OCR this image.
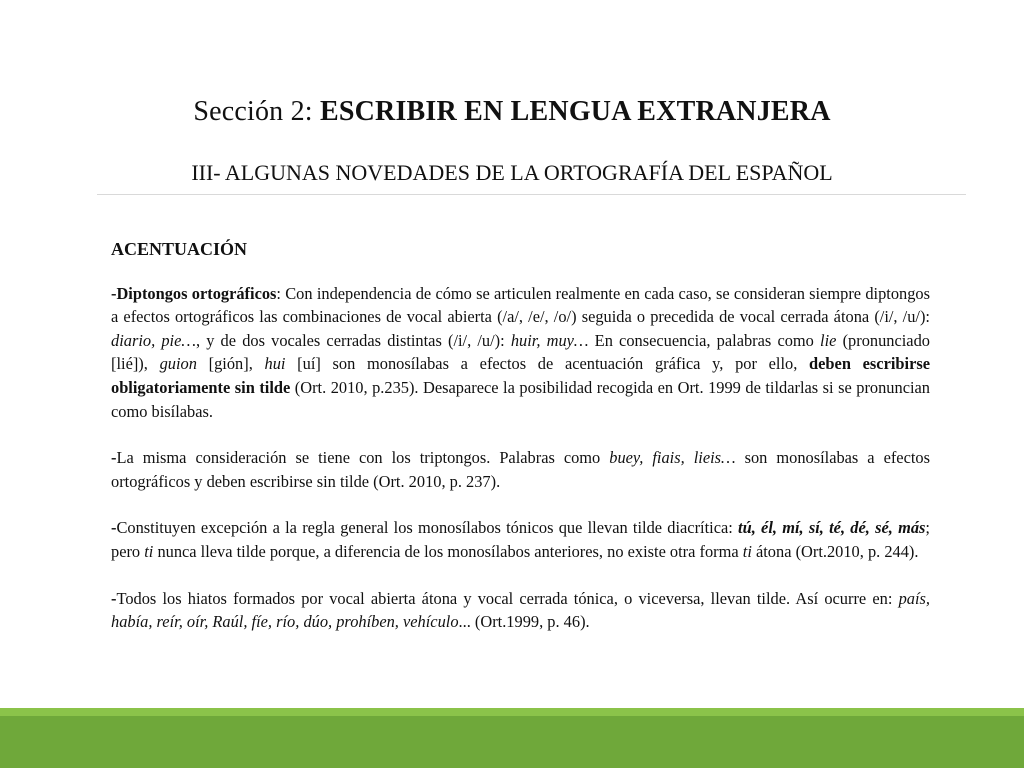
Sección 2: ESCRIBIR EN LENGUA EXTRANJERA
III- ALGUNAS NOVEDADES DE LA ORTOGRAFÍA DEL ESPAÑOL

ACENTUACIÓN

-Diptongos ortográficos: Con independencia de cómo se articulen realmente en cada caso, se consideran siempre diptongos a efectos ortográficos las combinaciones de vocal abierta (/a/, /e/, /o/) seguida o precedida de vocal cerrada átona (/i/, /u/): diario, pie…, y de dos vocales cerradas distintas (/i/, /u/): huir, muy… En consecuencia, palabras como lie (pronunciado [lié]), guion [gión], hui [uí] son monosílabas a efectos de acentuación gráfica y, por ello, deben escribirse obligatoriamente sin tilde (Ort. 2010, p.235). Desaparece la posibilidad recogida en Ort. 1999 de tildarlas si se pronuncian como bisílabas.

-La misma consideración se tiene con los triptongos. Palabras como buey, fiais, lieis… son monosílabas a efectos ortográficos y deben escribirse sin tilde (Ort. 2010, p. 237).

-Constituyen excepción a la regla general los monosílabos tónicos que llevan tilde diacrítica: tú, él, mí, sí, té, dé, sé, más; pero ti nunca lleva tilde porque, a diferencia de los monosílabos anteriores, no existe otra forma ti átona (Ort.2010, p. 244).

-Todos los hiatos formados por vocal abierta átona y vocal cerrada tónica, o viceversa, llevan tilde. Así ocurre en: país, había, reír, oír, Raúl, fíe, río, dúo, prohíben, vehículo... (Ort.1999, p. 46).
